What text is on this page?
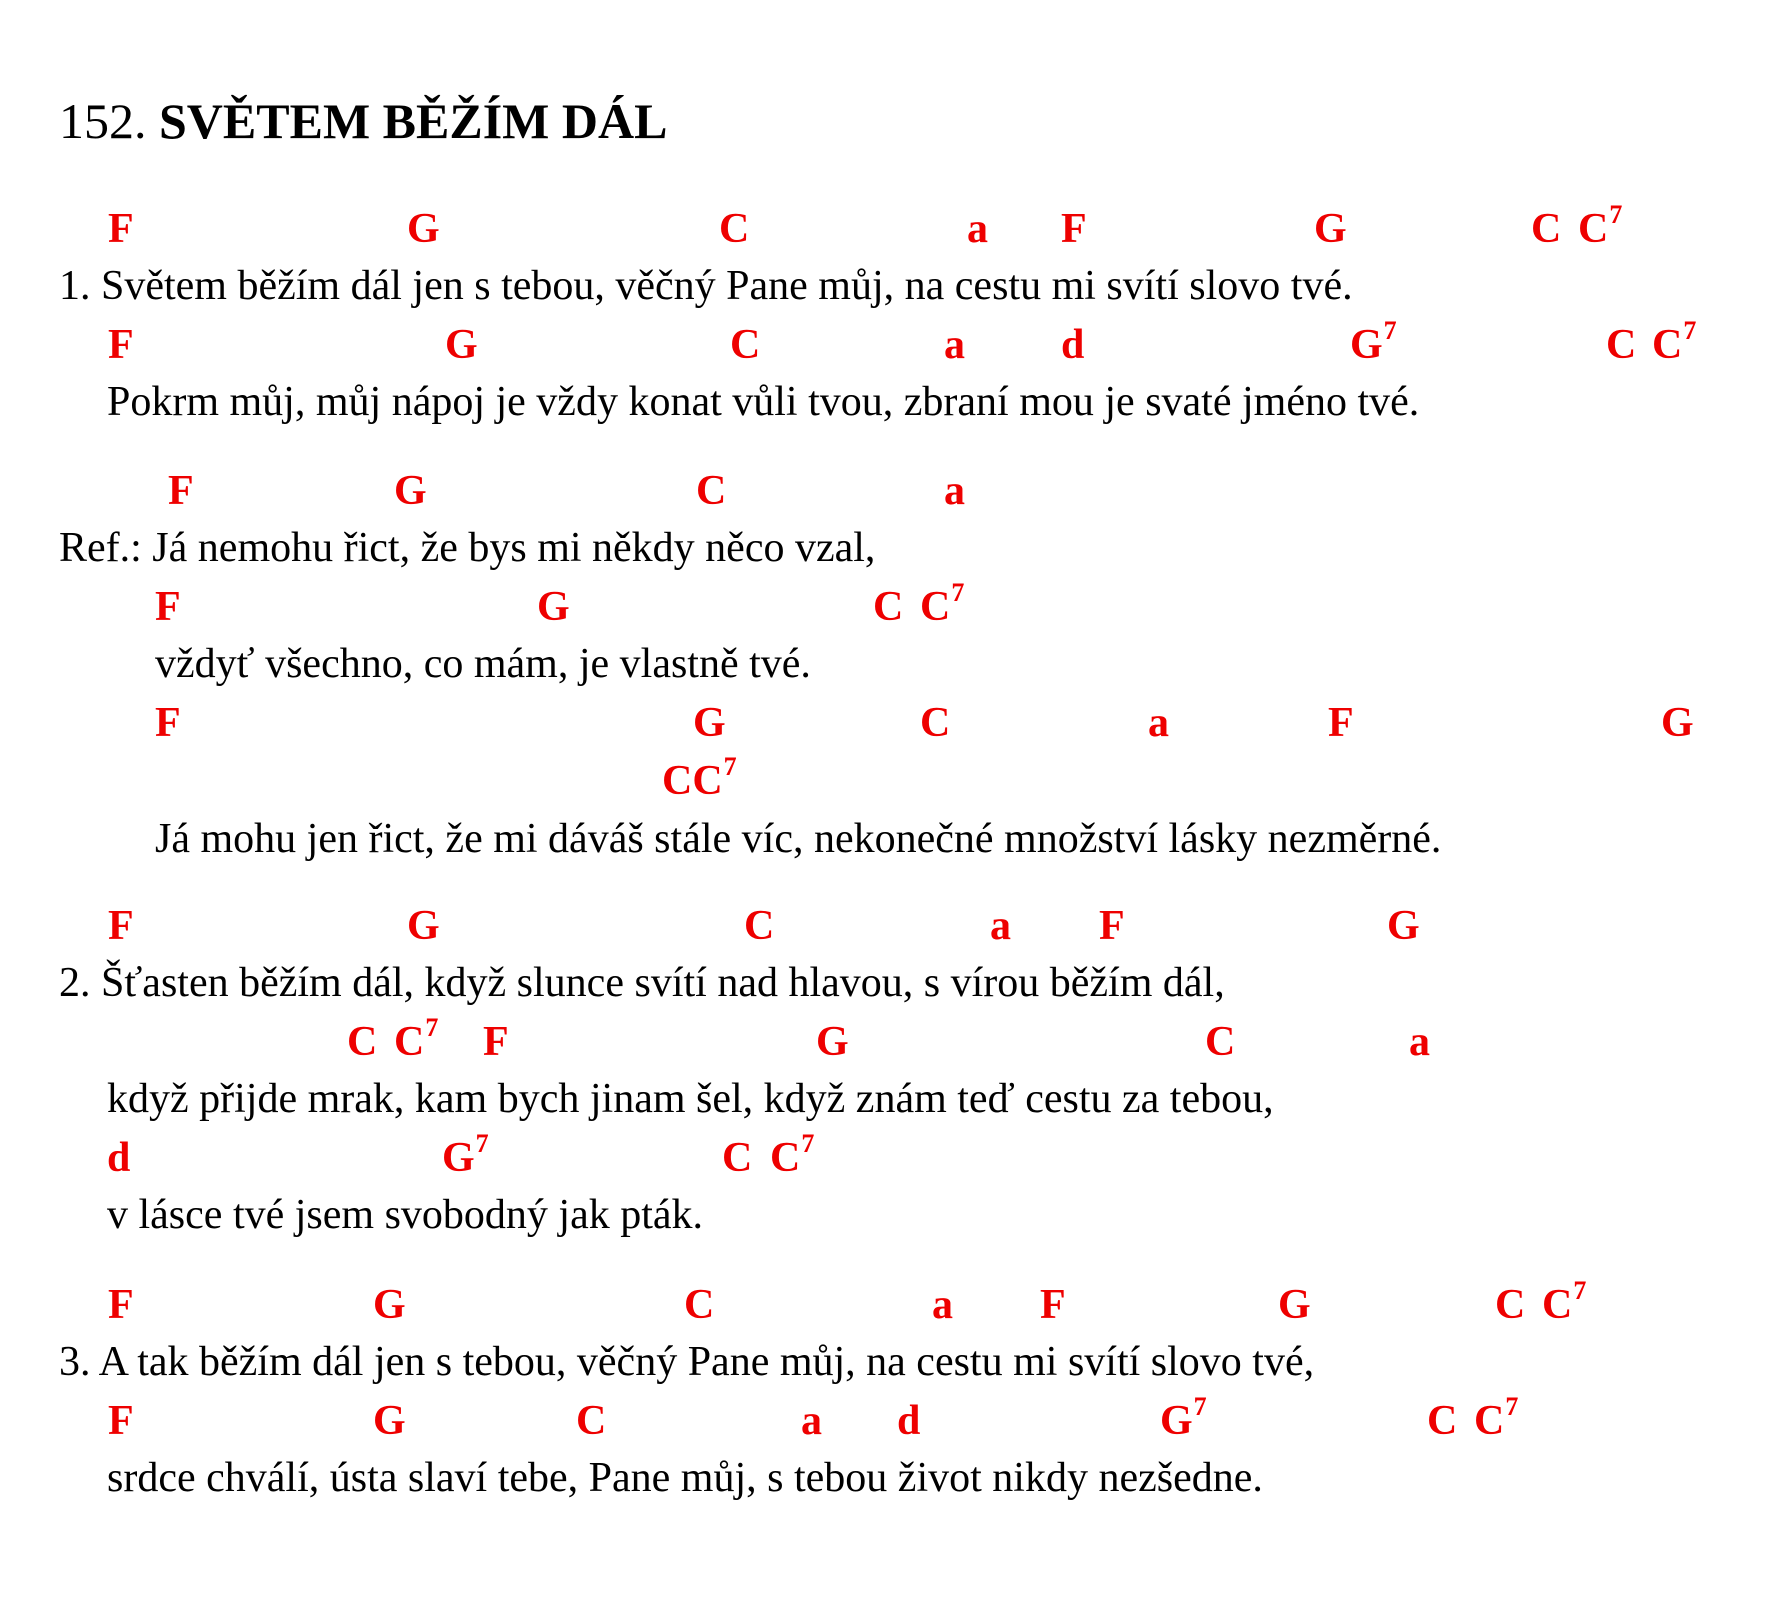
152. SVĚTEM BĚŽÍM DÁL
F	G	C	a F	G	C $C^7$
1. Světem běžím dál jen s tebou, věčný Pane můj, na cestu mi svítí slovo tvé.
F	G	C	a d	$G^7$	C $C^7$
Pokrm můj, můj nápoj je vždy konat vůli tvou, zbraní mou je svaté jméno tvé.
F	G	C	a
Ref.: Já nemohu řict, že bys mi někdy něco vzal,
F	G	C $C^7$
vždyť všechno, co mám, je vlastně tvé.
F	G	C	a	F	G
$CC^7$
Já mohu jen řict, že mi dáváš stále víc, nekonečné množství lásky nezměrné.
F	G	C	a F	G
2. Šťasten běžím dál, když slunce svítí nad hlavou, s vírou běžím dál,
C $C^7$ F	G	C	a
když přijde mrak, kam bych jinam šel, když znám teď cestu za tebou,
d	$G^7$	C $C^7$
v lásce tvé jsem svobodný jak pták.
F	G	C	a F	G	C $C^7$
3. A tak běžím dál jen s tebou, věčný Pane můj, na cestu mi svítí slovo tvé,
F	G	C	a d	$G^7$	C $C^7$
srdce chválí, ústa slaví tebe, Pane můj, s tebou život nikdy nezšedne.
